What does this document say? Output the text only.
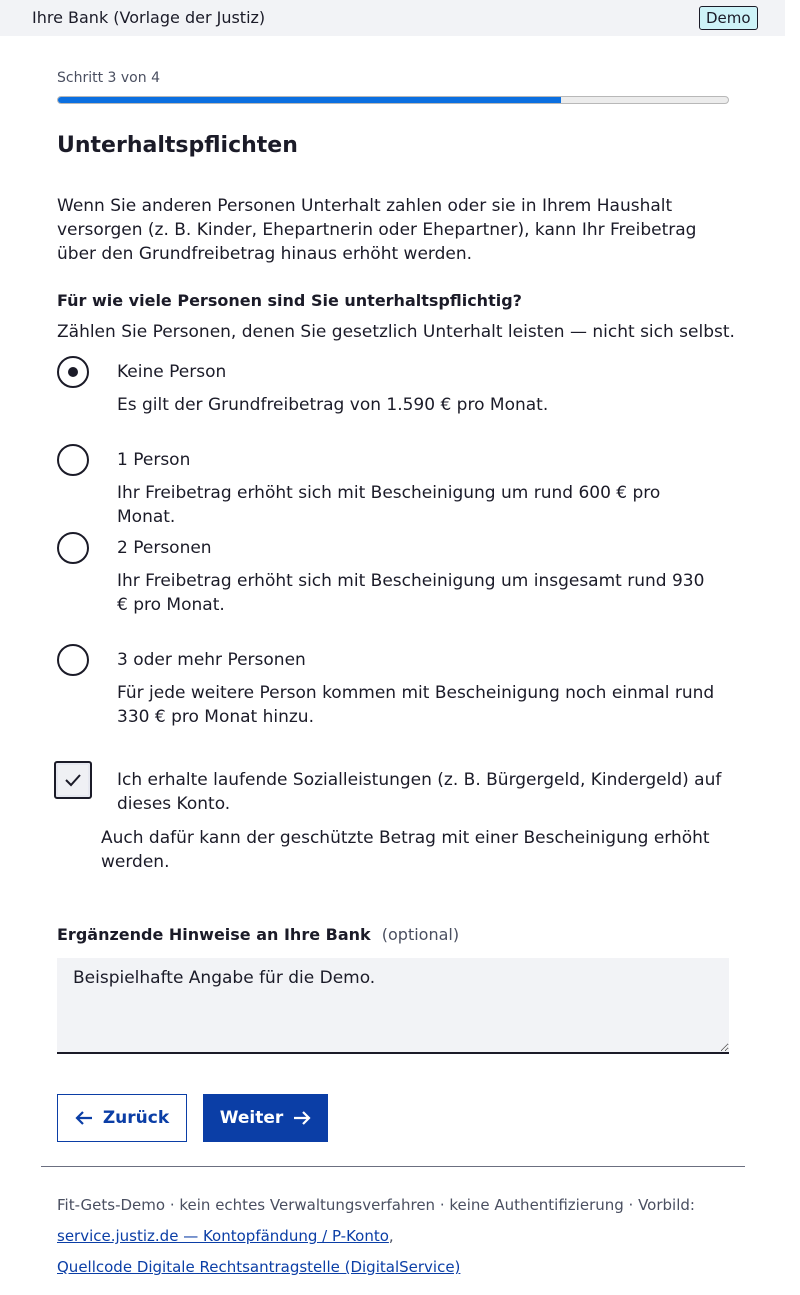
Ihre Bank (Vorlage der Justiz)	Demo
Schritt 3 von 4
Unterhaltspflichten

Wenn Sie anderen Personen Unterhalt zahlen oder sie in Ihrem Haushalt versorgen (z. B. Kinder, Ehepartnerin oder Ehepartner), kann Ihr Freibetrag über den Grundfreibetrag hinaus erhöht werden.

Für wie viele Personen sind Sie unterhaltspflichtig?
Zählen Sie Personen, denen Sie gesetzlich Unterhalt leisten — nicht sich selbst.
Keine Person
Es gilt der Grundfreibetrag von 1.590 € pro Monat.
1 Person
Ihr Freibetrag erhöht sich mit Bescheinigung um rund 600 € pro Monat.
2 Personen
Ihr Freibetrag erhöht sich mit Bescheinigung um insgesamt rund 930 € pro Monat.
3 oder mehr Personen
Für jede weitere Person kommen mit Bescheinigung noch einmal rund 330 € pro Monat hinzu.
Ich erhalte laufende Sozialleistungen (z. B. Bürgergeld, Kindergeld) auf dieses Konto.
Auch dafür kann der geschützte Betrag mit einer Bescheinigung erhöht werden.
Ergänzende Hinweise an Ihre Bank (optional)
Beispielhafte Angabe für die Demo.
Zurück	Weiter
Fit-Gets-Demo · kein echtes Verwaltungsverfahren · keine Authentifizierung · Vorbild:
service.justiz.de — Kontopfändung / P-Konto,
Quellcode Digitale Rechtsantragstelle (DigitalService)
